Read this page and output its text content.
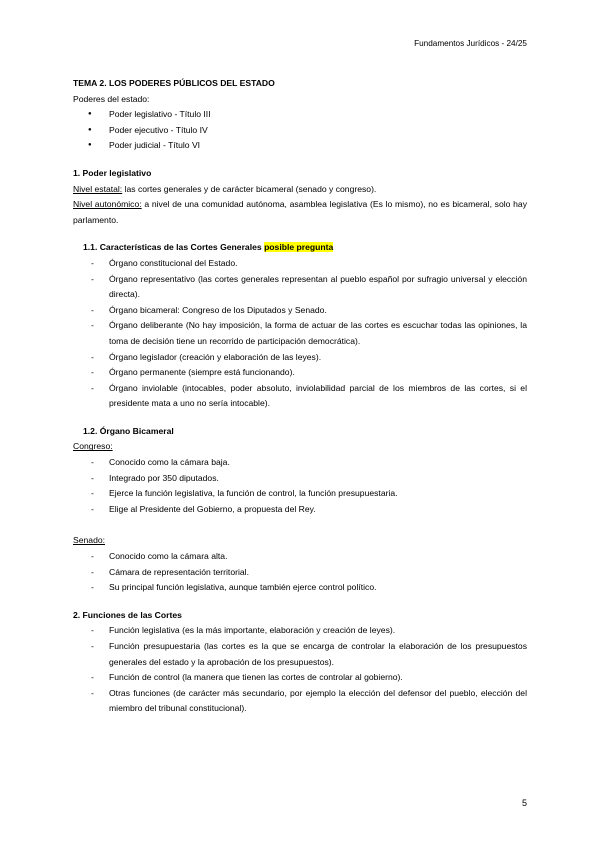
Fundamentos Jurídicos - 24/25
TEMA 2. LOS PODERES PÚBLICOS DEL ESTADO
Poderes del estado:
● Poder legislativo - Título III
● Poder ejecutivo - Título IV
● Poder judicial - Título VI
1. Poder legislativo
Nivel estatal: las cortes generales y de carácter bicameral (senado y congreso).
Nivel autonómico: a nivel de una comunidad autónoma, asamblea legislativa (Es lo mismo), no es bicameral, solo hay parlamento.
1.1. Características de las Cortes Generales posible pregunta
- Órgano constitucional del Estado.
- Órgano representativo (las cortes generales representan al pueblo español por sufragio universal y elección directa).
- Órgano bicameral: Congreso de los Diputados y Senado.
- Órgano deliberante (No hay imposición, la forma de actuar de las cortes es escuchar todas las opiniones, la toma de decisión tiene un recorrido de participación democrática).
- Órgano legislador (creación y elaboración de las leyes).
- Órgano permanente (siempre está funcionando).
- Órgano inviolable (intocables, poder absoluto, inviolabilidad parcial de los miembros de las cortes, si el presidente mata a uno no sería intocable).
1.2. Órgano Bicameral
Congreso:
- Conocido como la cámara baja.
- Integrado por 350 diputados.
- Ejerce la función legislativa, la función de control, la función presupuestaria.
- Elige al Presidente del Gobierno, a propuesta del Rey.
Senado:
- Conocido como la cámara alta.
- Cámara de representación territorial.
- Su principal función legislativa, aunque también ejerce control político.
2. Funciones de las Cortes
- Función legislativa (es la más importante, elaboración y creación de leyes).
- Función presupuestaria (las cortes es la que se encarga de controlar la elaboración de los presupuestos generales del estado y la aprobación de los presupuestos).
- Función de control (la manera que tienen las cortes de controlar al gobierno).
- Otras funciones (de carácter más secundario, por ejemplo la elección del defensor del pueblo, elección del miembro del tribunal constitucional).
5
